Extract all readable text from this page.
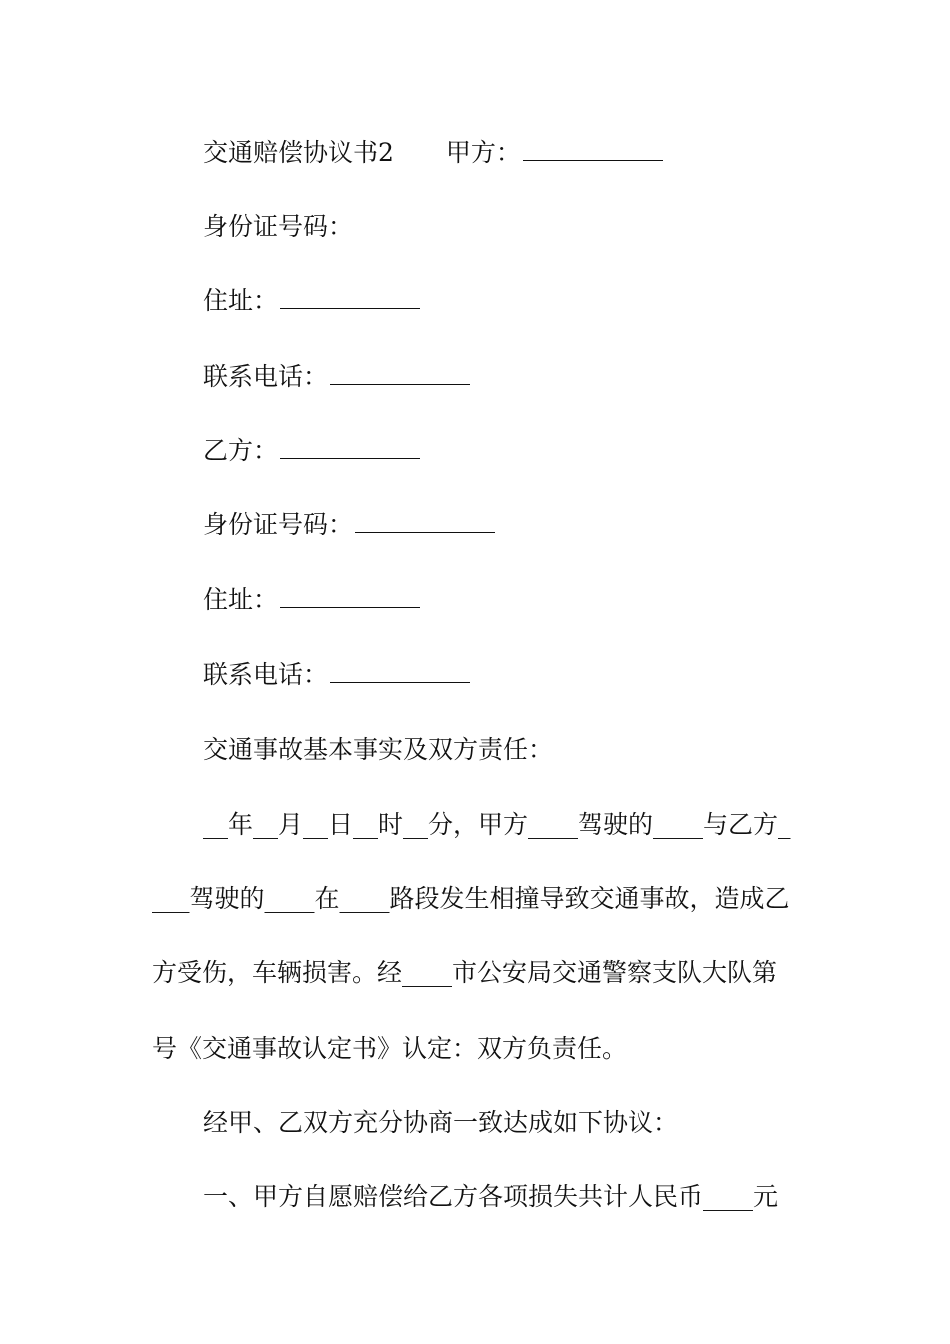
交通赔偿协议书2 甲方：
身份证号码：
住址：
联系电话：
乙方：
身份证号码：
住址：
联系电话：
交通事故基本事实及双方责任：
__年__月__日__时__分，甲方____驾驶的____与乙方_
___驾驶的____在____路段发生相撞导致交通事故，造成乙
方受伤，车辆损害。经____市公安局交通警察支队大队第
号《交通事故认定书》认定：双方负责任。
经甲、乙双方充分协商一致达成如下协议：
一、甲方自愿赔偿给乙方各项损失共计人民币____元
